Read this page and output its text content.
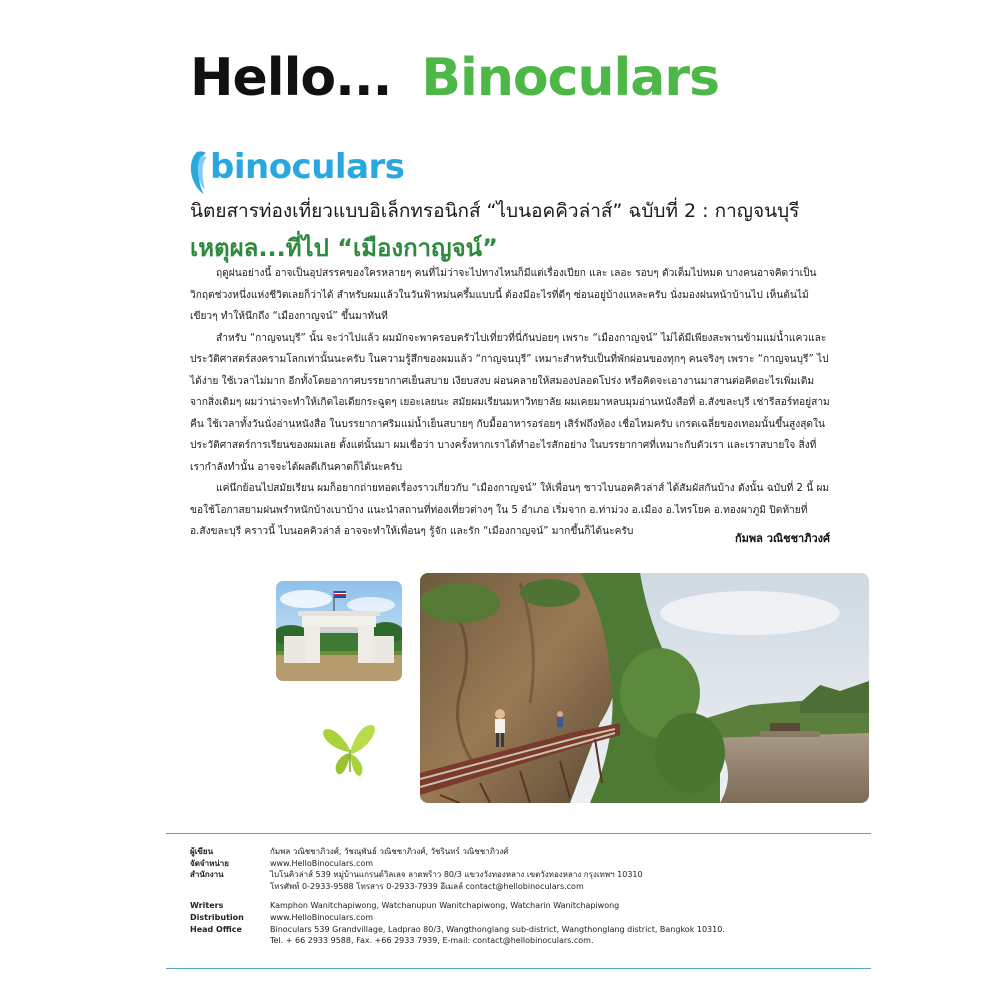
Hello... Binoculars
binoculars
นิตยสารท่องเที่ยวแบบอิเล็กทรอนิกส์ “ไบนอคคิวล่าส์” ฉบับที่ 2 : กาญจนบุรี
เหตุผล...ที่ไป “เมืองกาญจน์”

ฤดูฝนอย่างนี้ อาจเป็นอุปสรรคของใครหลายๆ คนที่ไม่ว่าจะไปทางไหนก็มีแต่เรื่องเปียก และ เลอะ รอบๆ ตัวเต็มไปหมด บางคนอาจคิดว่าเป็นวิกฤตช่วงหนึ่งแห่งชีวิตเลยก็ว่าได้ สำหรับผมแล้วในวันฟ้าหม่นครึ้มแบบนี้ ต้องมีอะไรที่ดีๆ ซ่อนอยู่บ้างแหละครับ นั่งมองฝนหน้าบ้านไป เห็นต้นไม้เขียวๆ ทำให้นึกถึง “เมืองกาญจน์” ขึ้นมาทันที

สำหรับ “กาญจนบุรี” นั้น จะว่าไปแล้ว ผมมักจะพาครอบครัวไปเที่ยวที่นี่กันบ่อยๆ เพราะ “เมืองกาญจน์” ไม่ได้มีเพียงสะพานข้ามแม่น้ำแควและประวัติศาสตร์สงครามโลกเท่านั้นนะครับ ในความรู้สึกของผมแล้ว “กาญจนบุรี” เหมาะสำหรับเป็นที่พักผ่อนของทุกๆ คนจริงๆ เพราะ “กาญจนบุรี” ไปได้ง่าย ใช้เวลาไม่มาก อีกทั้งโดยอากาศบรรยากาศเย็นสบาย เงียบสงบ ผ่อนคลายให้สมองปลอดโปร่ง หรือคิดจะเอางานมาสานต่อคิดอะไรเพิ่มเติมจากสิ่งเดิมๆ ผมว่าน่าจะทำให้เกิดไอเดียกระฉูดๆ เยอะเลยนะ สมัยผมเรียนมหาวิทยาลัย ผมเคยมาหลบมุมอ่านหนังสือที่ อ.สังขละบุรี เช่ารีสอร์ทอยู่สามคืน ใช้เวลาทั้งวันนั่งอ่านหนังสือ ในบรรยากาศริมแม่น้ำเย็นสบายๆ กับมื้ออาหารอร่อยๆ เสิร์ฟถึงห้อง เชื่อไหมครับ เกรดเฉลี่ยของเทอมนั้นขึ้นสูงสุดในประวัติศาสตร์การเรียนของผมเลย ตั้งแต่นั้นมา ผมเชื่อว่า บางครั้งหากเราได้ทำอะไรสักอย่าง ในบรรยากาศที่เหมาะกับตัวเรา และเราสบายใจ สิ่งที่เรากำลังทำนั้น อาจจะได้ผลดีเกินคาดก็ได้นะครับ

แค่นึกย้อนไปสมัยเรียน ผมก็อยากถ่ายทอดเรื่องราวเกี่ยวกับ “เมืองกาญจน์” ให้เพื่อนๆ ชาวไบนอคคิวล่าส์ ได้สัมผัสกันบ้าง ดังนั้น ฉบับที่ 2 นี้ ผมขอใช้โอกาสยามฝนพรำหนักบ้างเบาบ้าง แนะนำสถานที่ท่องเที่ยวต่างๆ ใน 5 อำเภอ เริ่มจาก อ.ท่าม่วง อ.เมือง อ.ไทรโยค อ.ทองผาภูมิ ปิดท้ายที่ อ.สังขละบุรี คราวนี้ ไบนอคคิวล่าส์ อาจจะทำให้เพื่อนๆ รู้จัก และรัก “เมืองกาญจน์” มากขึ้นก็ได้นะครับ

กัมพล วณิชชาภิวงศ์
ผู้เขียน	กัมพล วณิชชาภิวงศ์, วัชณุพันธ์ วณิชชาภิวงศ์, วัชรินทร์ วณิชชาภิวงศ์
จัดจำหน่าย	www.HelloBinoculars.com
สำนักงาน	ไบโนคิวล่าส์ 539 หมู่บ้านแกรนด์วิลเลจ ลาดพร้าว 80/3 แขวงวังทองหลาง เขตวังทองหลาง กรุงเทพฯ 10310
โทรศัพท์ 0-2933-9588 โทรสาร 0-2933-7939 อีเมลล์ contact@hellobinoculars.com
Writers	Kamphon Wanitchapiwong, Watchanupun Wanitchapiwong, Watcharin Wanitchapiwong
Distribution	www.HelloBinoculars.com
Head Office	Binoculars 539 Grandvillage, Ladprao 80/3, Wangthonglang sub-district, Wangthonglang district, Bangkok 10310.
Tel. + 66 2933 9588, Fax. +66 2933 7939, E-mail: contact@hellobinoculars.com.
